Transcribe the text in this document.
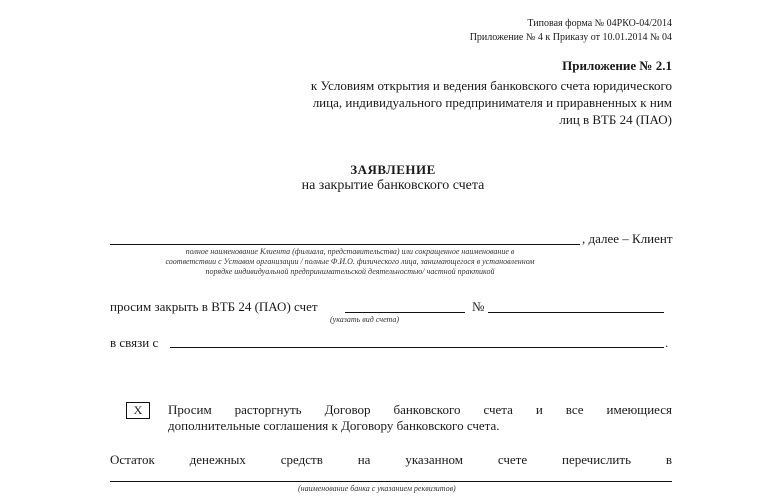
Типовая форма № 04РКО-04/2014
Приложение № 4 к Приказу от 10.01.2014 № 04
Приложение № 2.1
к Условиям открытия и ведения банковского счета юридического
лица, индивидуального предпринимателя и приравненных к ним
лиц в ВТБ 24 (ПАО)
ЗАЯВЛЕНИЕ
на закрытие банковского счета
, далее – Клиент
полное наименование Клиента (филиала, представительства) или сокращенное наименование в
соответствии с Уставом организации / полные Ф.И.О. физического лица, занимающегося в установленном
порядке индивидуальной предпринимательской деятельностью/ частной практикой
просим закрыть в ВТБ 24 (ПАО) счет	№
(указать вид счета)
в связи с	.
X	Просим расторгнуть Договор банковского счета и все имеющиеся
дополнительные соглашения к Договору банковского счета.
Остаток	денежных	средств	на	указанном	счете	перечислить	в
(наименование банка с указанием реквизитов)
